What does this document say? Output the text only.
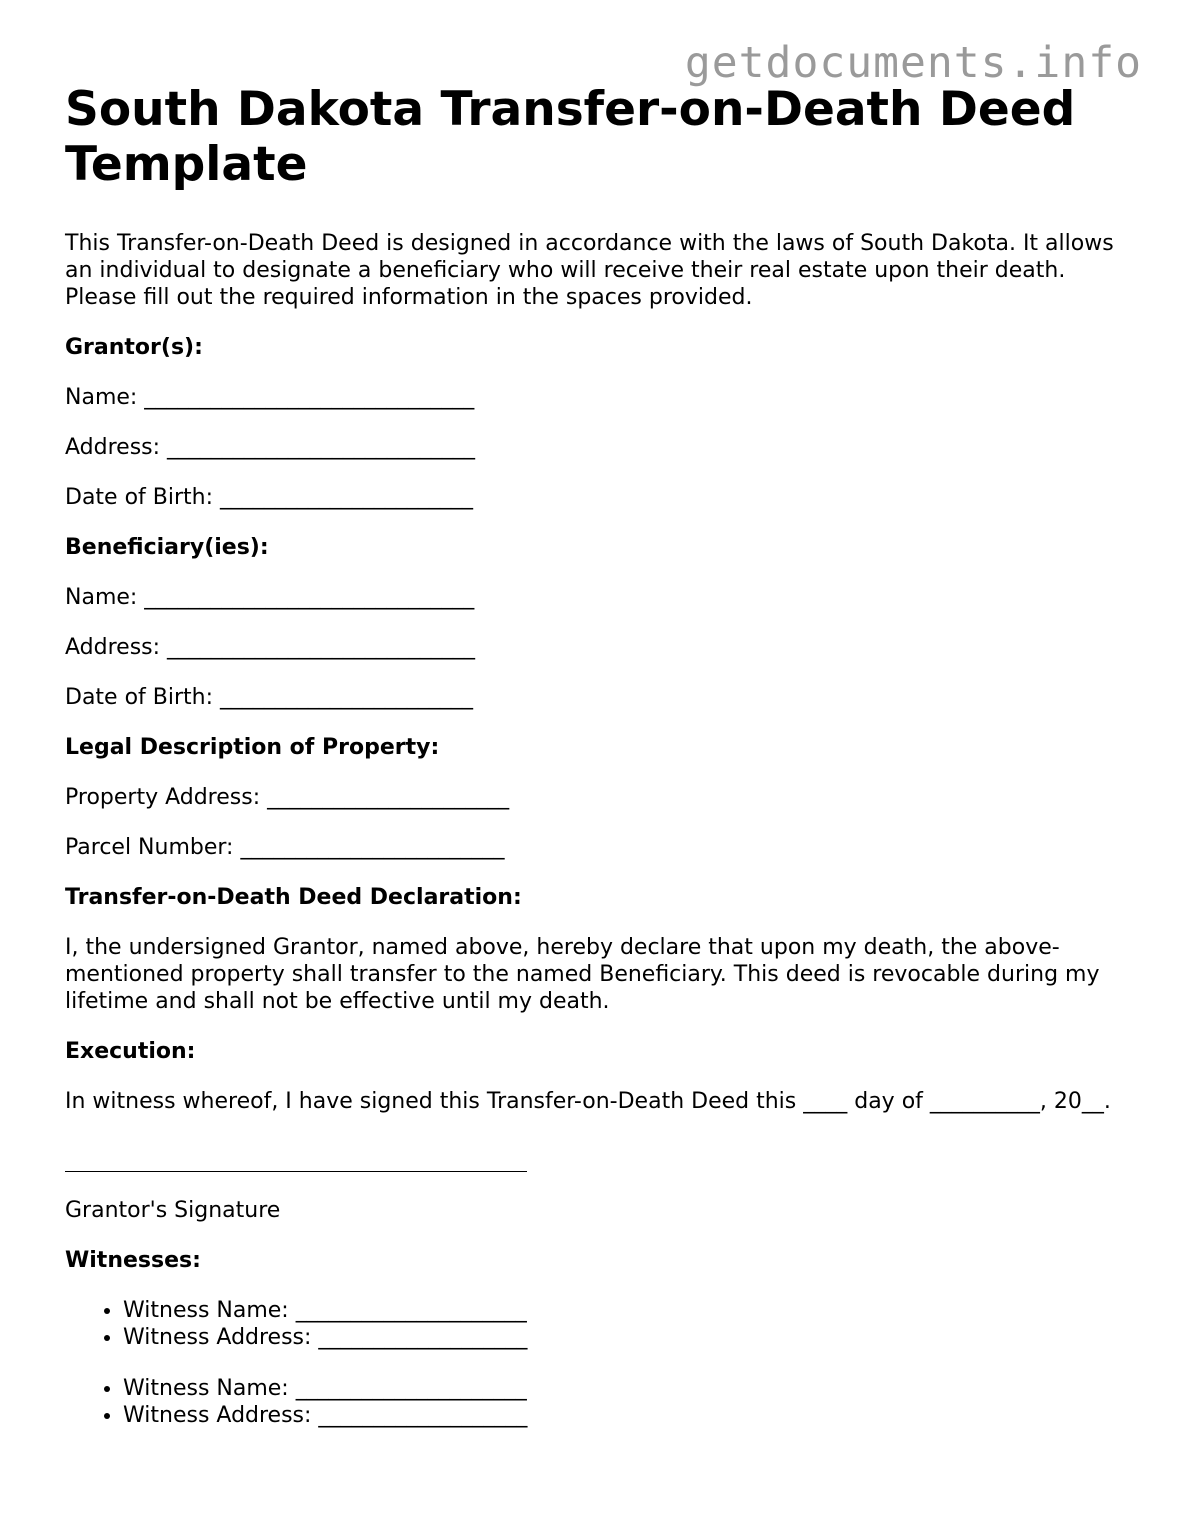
getdocuments.info
South Dakota Transfer-on-Death Deed Template

This Transfer-on-Death Deed is designed in accordance with the laws of South Dakota. It allows an individual to designate a beneficiary who will receive their real estate upon their death. Please fill out the required information in the spaces provided.

Grantor(s):

Name: ______________________________

Address: ____________________________

Date of Birth: _______________________

Beneficiary(ies):

Name: ______________________________

Address: ____________________________

Date of Birth: _______________________

Legal Description of Property:

Property Address: ______________________

Parcel Number: ________________________

Transfer-on-Death Deed Declaration:

I, the undersigned Grantor, named above, hereby declare that upon my death, the above-mentioned property shall transfer to the named Beneficiary. This deed is revocable during my lifetime and shall not be effective until my death.

Execution:

In witness whereof, I have signed this Transfer-on-Death Deed this ____ day of __________, 20__.

Grantor's Signature

Witnesses:

• Witness Name: _____________________
• Witness Address: ___________________
• Witness Name: _____________________
• Witness Address: ___________________
